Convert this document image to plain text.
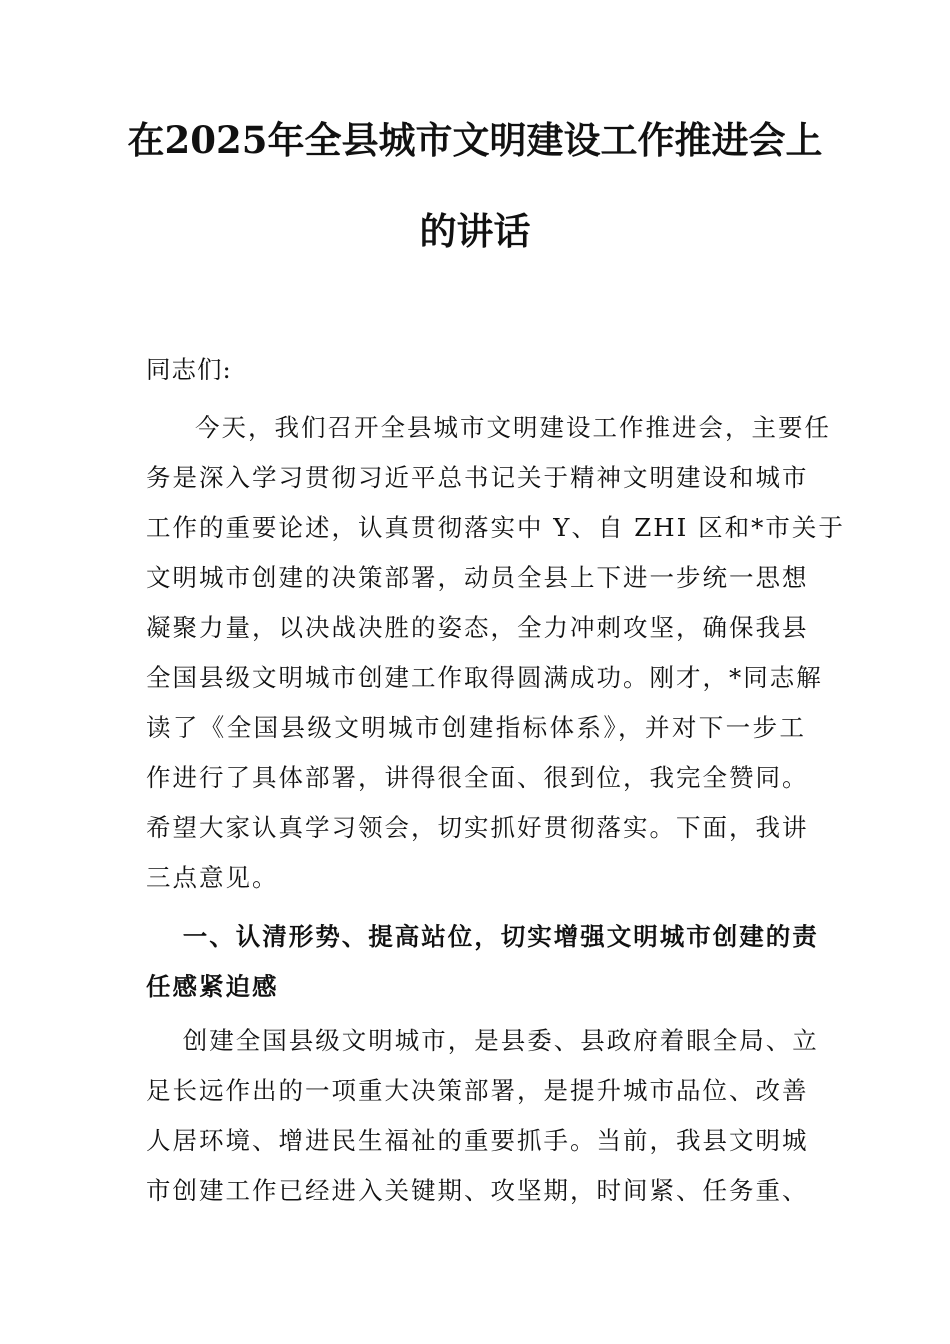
在2025年全县城市文明建设工作推进会上
的讲话
同志们:
今天，我们召开全县城市文明建设工作推进会，主要任
务是深入学习贯彻习近平总书记关于精神文明建设和城市
工作的重要论述，认真贯彻落实中 Y、自 ZHI 区和*市关于
文明城市创建的决策部署，动员全县上下进一步统一思想
凝聚力量，以决战决胜的姿态，全力冲刺攻坚，确保我县
全国县级文明城市创建工作取得圆满成功。刚才，*同志解
读了《全国县级文明城市创建指标体系》，并对下一步工
作进行了具体部署，讲得很全面、很到位，我完全赞同。
希望大家认真学习领会，切实抓好贯彻落实。下面，我讲
三点意见。
一、认清形势、提高站位，切实增强文明城市创建的责
任感紧迫感
创建全国县级文明城市，是县委、县政府着眼全局、立
足长远作出的一项重大决策部署，是提升城市品位、改善
人居环境、增进民生福祉的重要抓手。当前，我县文明城
市创建工作已经进入关键期、攻坚期，时间紧、任务重、
